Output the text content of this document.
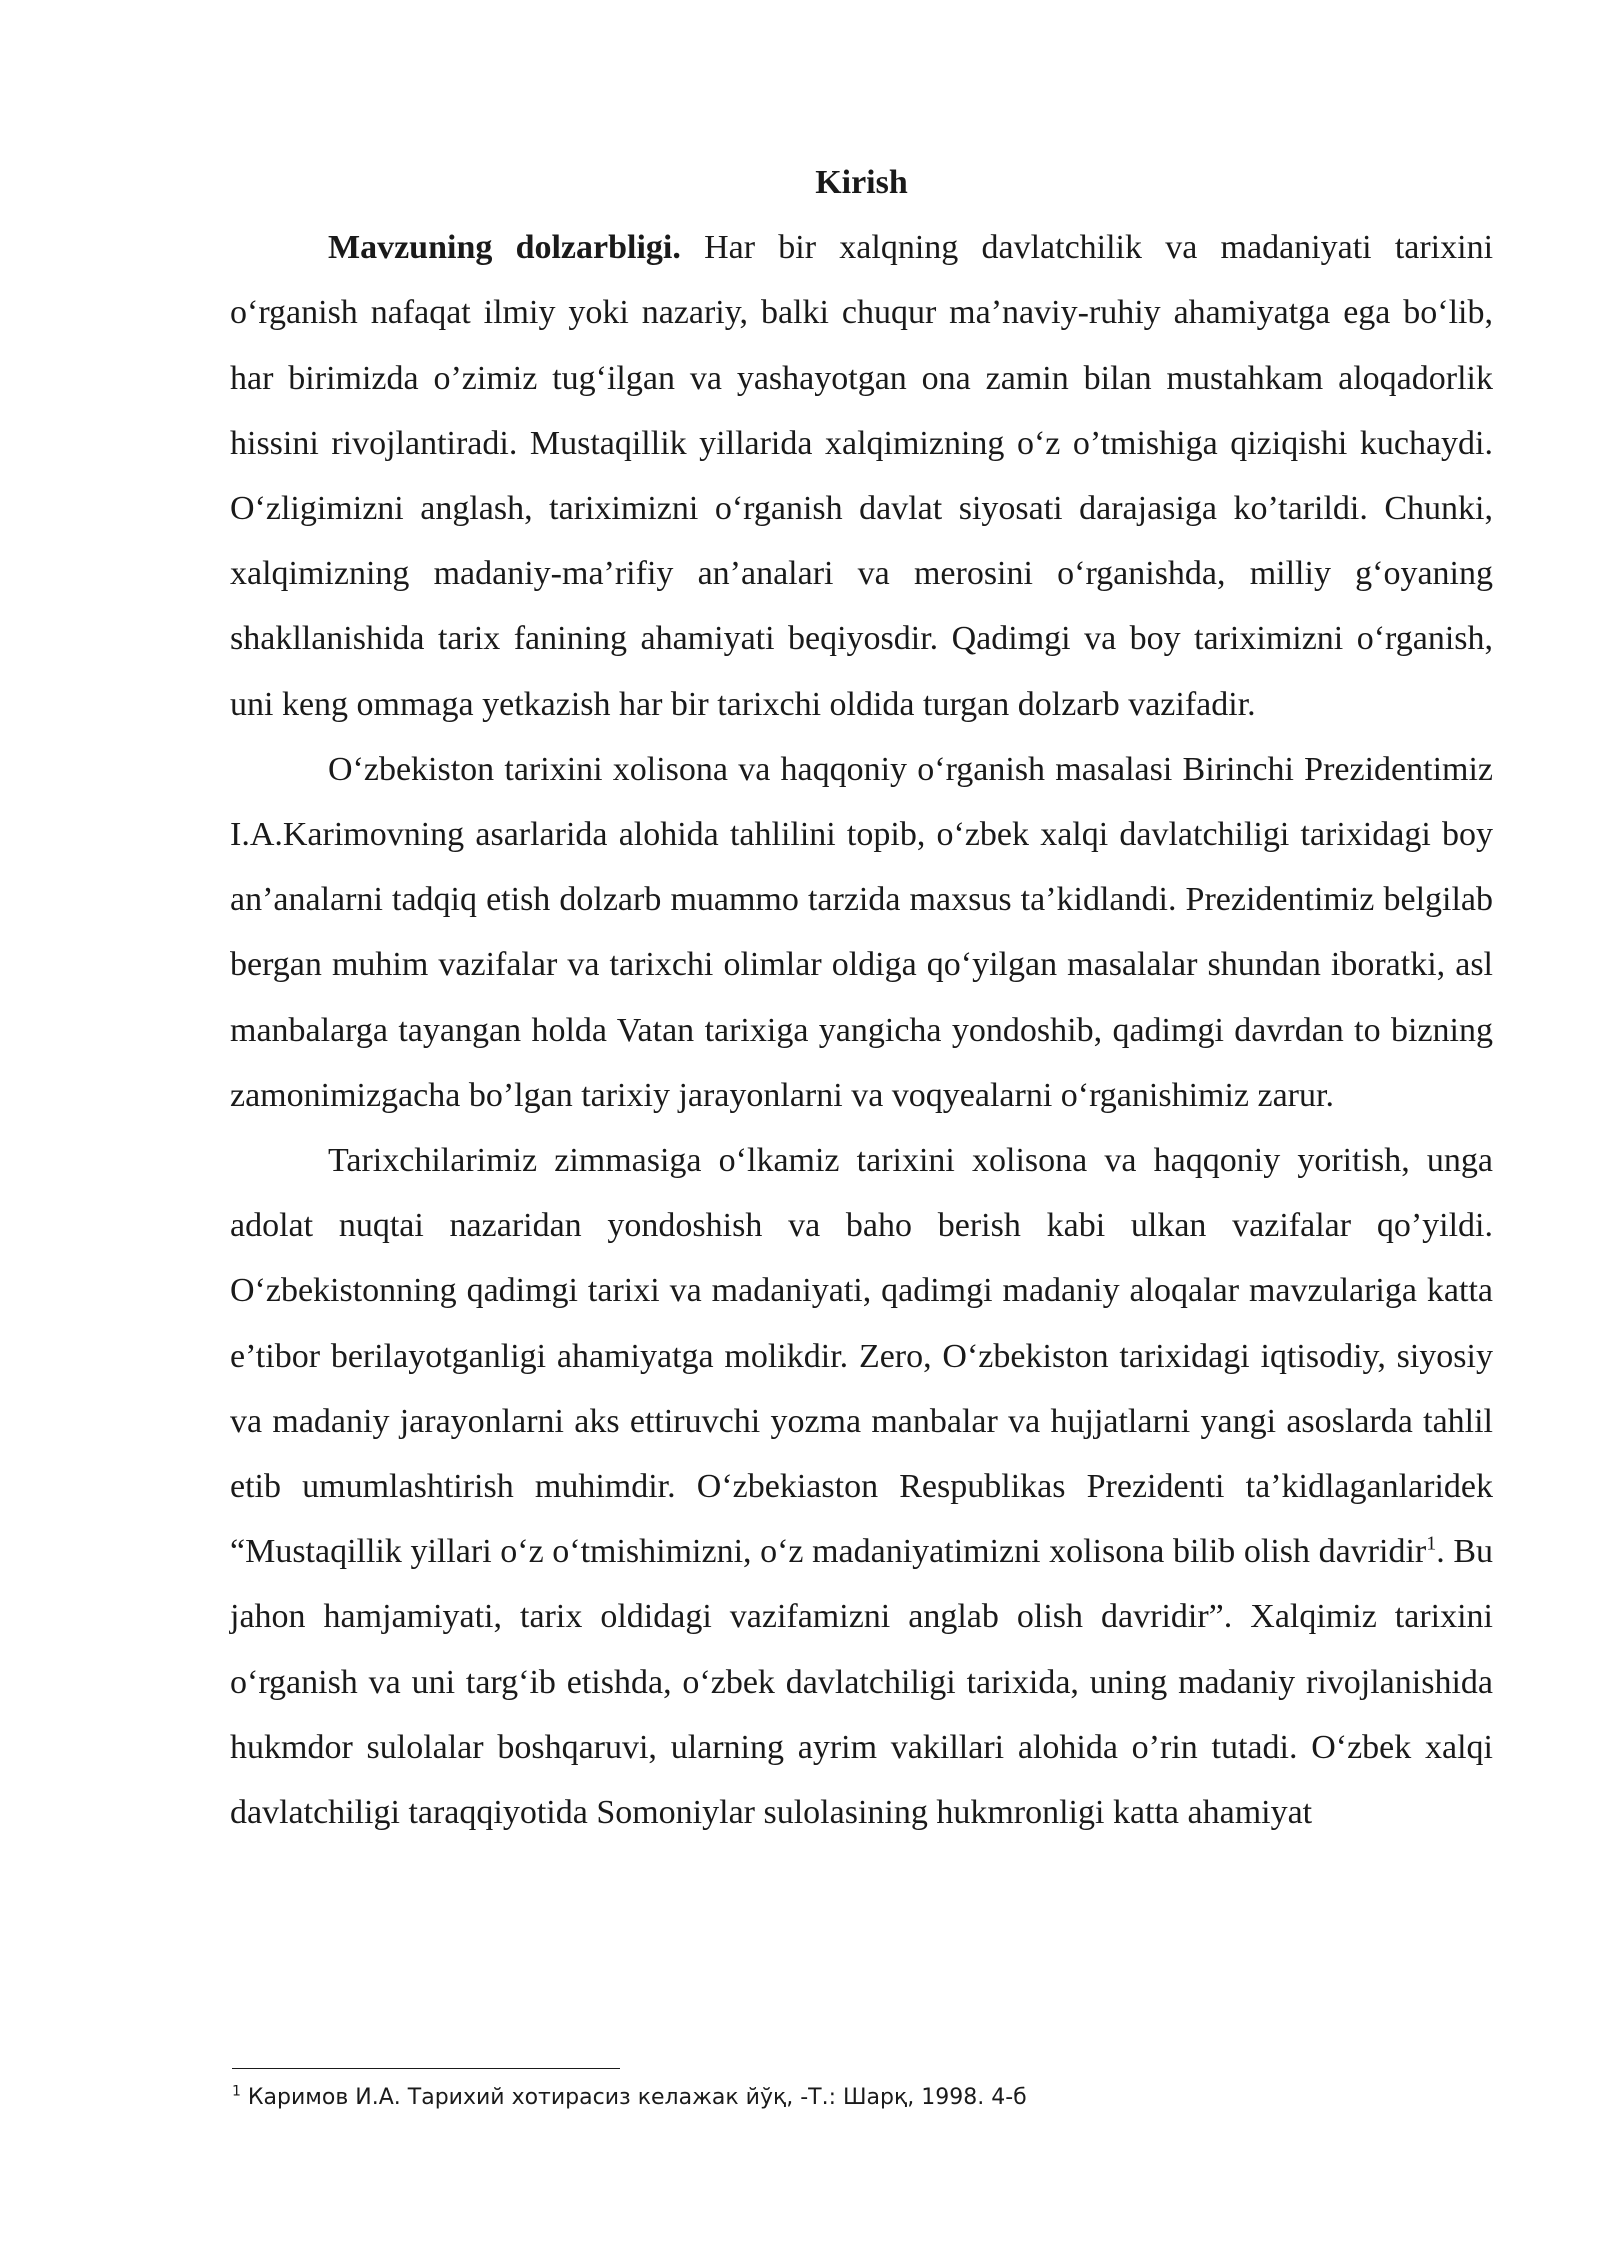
Kirish

Mavzuning dolzarbligi. Har bir xalqning davlatchilik va madaniyati tarixini oʻrganish nafaqat ilmiy yoki nazariy, balki chuqur maʼnaviy-ruhiy ahamiyatga ega boʻlib, har birimizda o’zimiz tugʻilgan va yashayotgan ona zamin bilan mustahkam aloqadorlik hissini rivojlantiradi. Mustaqillik yillarida xalqimizning oʻz o’tmishiga qiziqishi kuchaydi. Oʻzligimizni anglash, tariximizni oʻrganish davlat siyosati darajasiga ko’tarildi. Chunki, xalqimizning madaniy-ma’rifiy an’analari va merosini oʻrganishda, milliy gʻoyaning shakllanishida tarix fanining ahamiyati beqiyosdir. Qadimgi va boy tariximizni oʻrganish, uni keng ommaga yetkazish har bir tarixchi oldida turgan dolzarb vazifadir.

Oʻzbekiston tarixini xolisona va haqqoniy oʻrganish masalasi Birinchi Prezidentimiz I.A.Karimovning asarlarida alohida tahlilini topib, oʻzbek xalqi davlatchiligi tarixidagi boy an’analarni tadqiq etish dolzarb muammo tarzida maxsus ta’kidlandi. Prezidentimiz belgilab bergan muhim vazifalar va tarixchi olimlar oldiga qoʻyilgan masalalar shundan iboratki, asl manbalarga tayangan holda Vatan tarixiga yangicha yondoshib, qadimgi davrdan to bizning zamonimizgacha bo’lgan tarixiy jarayonlarni va voqyealarni oʻrganishimiz zarur.

Tarixchilarimiz zimmasiga oʻlkamiz tarixini xolisona va haqqoniy yoritish, unga adolat nuqtai nazaridan yondoshish va baho berish kabi ulkan vazifalar qo’yildi. Oʻzbekistonning qadimgi tarixi va madaniyati, qadimgi madaniy aloqalar mavzulariga katta e’tibor berilayotganligi ahamiyatga molikdir. Zero, Oʻzbekiston tarixidagi iqtisodiy, siyosiy va madaniy jarayonlarni aks ettiruvchi yozma manbalar va hujjatlarni yangi asoslarda tahlil etib umumlashtirish muhimdir. Oʻzbekiaston Respublikas Prezidenti ta’kidlaganlaridek “Mustaqillik yillari oʻz oʻtmishimizni, oʻz madaniyatimizni xolisona bilib olish davridir$^1$. Bu jahon hamjamiyati, tarix oldidagi vazifamizni anglab olish davridir”. Xalqimiz tarixini oʻrganish va uni targʻib etishda, oʻzbek davlatchiligi tarixida, uning madaniy rivojlanishida hukmdor sulolalar boshqaruvi, ularning ayrim vakillari alohida o’rin tutadi. Oʻzbek xalqi davlatchiligi taraqqiyotida Somoniylar sulolasining hukmronligi katta ahamiyat

$^1$ Каримов И.А. Тарихий хотирасиз келажак йўқ, -Т.: Шарқ, 1998. 4-б
